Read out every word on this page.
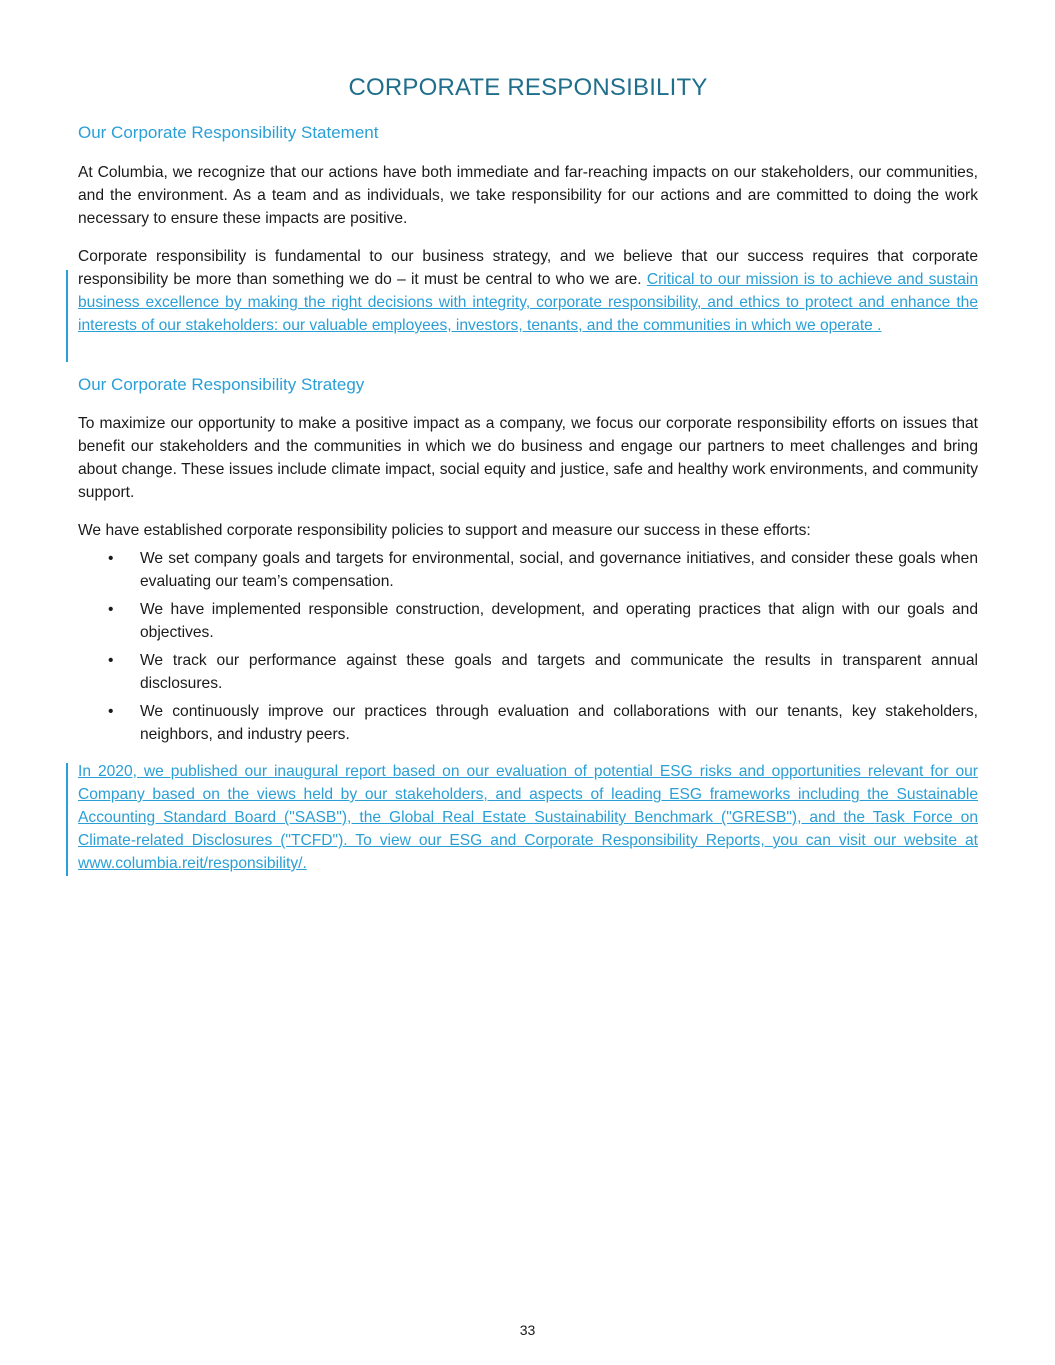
CORPORATE RESPONSIBILITY
Our Corporate Responsibility Statement

At Columbia, we recognize that our actions have both immediate and far-reaching impacts on our stakeholders, our communities, and the environment. As a team and as individuals, we take responsibility for our actions and are committed to doing the work necessary to ensure these impacts are positive.

Corporate responsibility is fundamental to our business strategy, and we believe that our success requires that corporate responsibility be more than something we do – it must be central to who we are. Critical to our mission is to achieve and sustain business excellence by making the right decisions with integrity, corporate responsibility, and ethics to protect and enhance the interests of our stakeholders: our valuable employees, investors, tenants, and the communities in which we operate .

Our Corporate Responsibility Strategy

To maximize our opportunity to make a positive impact as a company, we focus our corporate responsibility efforts on issues that benefit our stakeholders and the communities in which we do business and engage our partners to meet challenges and bring about change. These issues include climate impact, social equity and justice, safe and healthy work environments, and community support.

We have established corporate responsibility policies to support and measure our success in these efforts:

• We set company goals and targets for environmental, social, and governance initiatives, and consider these goals when evaluating our team’s compensation.
• We have implemented responsible construction, development, and operating practices that align with our goals and objectives.
• We track our performance against these goals and targets and communicate the results in transparent annual disclosures.
• We continuously improve our practices through evaluation and collaborations with our tenants, key stakeholders, neighbors, and industry peers.

In 2020, we published our inaugural report based on our evaluation of potential ESG risks and opportunities relevant for our Company based on the views held by our stakeholders, and aspects of leading ESG frameworks including the Sustainable Accounting Standard Board ("SASB"), the Global Real Estate Sustainability Benchmark ("GRESB"), and the Task Force on Climate-related Disclosures ("TCFD"). To view our ESG and Corporate Responsibility Reports, you can visit our website at www.columbia.reit/responsibility/.

33
